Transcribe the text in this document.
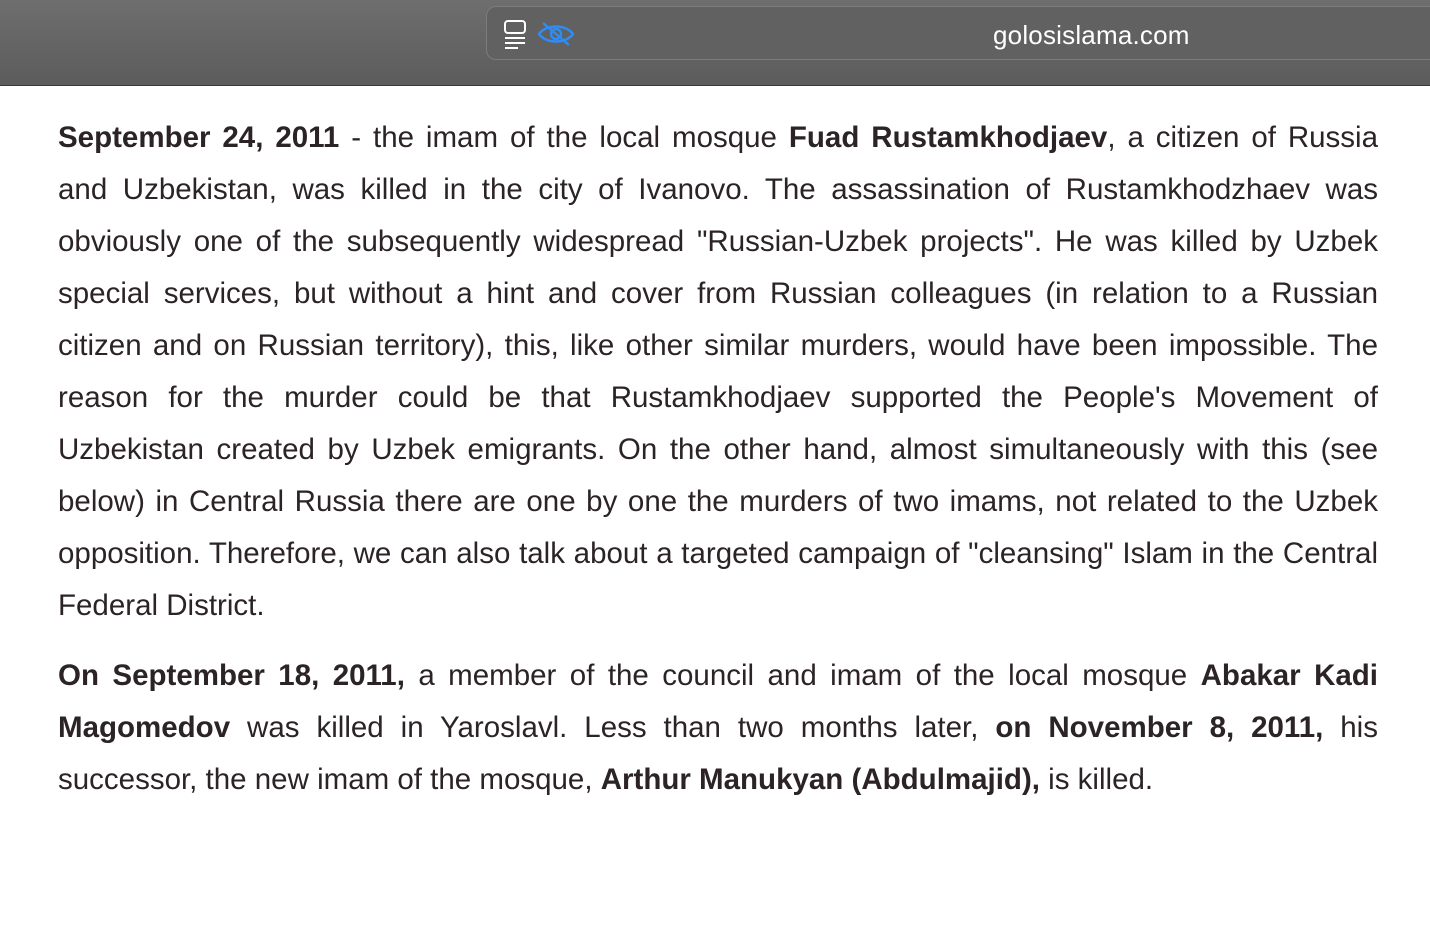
golosislama.com

September 24, 2011 - the imam of the local mosque Fuad Rustamkhodjaev, a citizen of Russia and Uzbekistan, was killed in the city of Ivanovo. The assassination of Rustamkhodzhaev was obviously one of the subsequently widespread "Russian-Uzbek projects". He was killed by Uzbek special services, but without a hint and cover from Russian colleagues (in relation to a Russian citizen and on Russian territory), this, like other similar murders, would have been impossible. The reason for the murder could be that Rustamkhodjaev supported the People's Movement of Uzbekistan created by Uzbek emigrants. On the other hand, almost simultaneously with this (see below) in Central Russia there are one by one the murders of two imams, not related to the Uzbek opposition. Therefore, we can also talk about a targeted campaign of "cleansing" Islam in the Central Federal District.

On September 18, 2011, a member of the council and imam of the local mosque Abakar Kadi Magomedov was killed in Yaroslavl. Less than two months later, on November 8, 2011, his successor, the new imam of the mosque, Arthur Manukyan (Abdulmajid), is killed.
